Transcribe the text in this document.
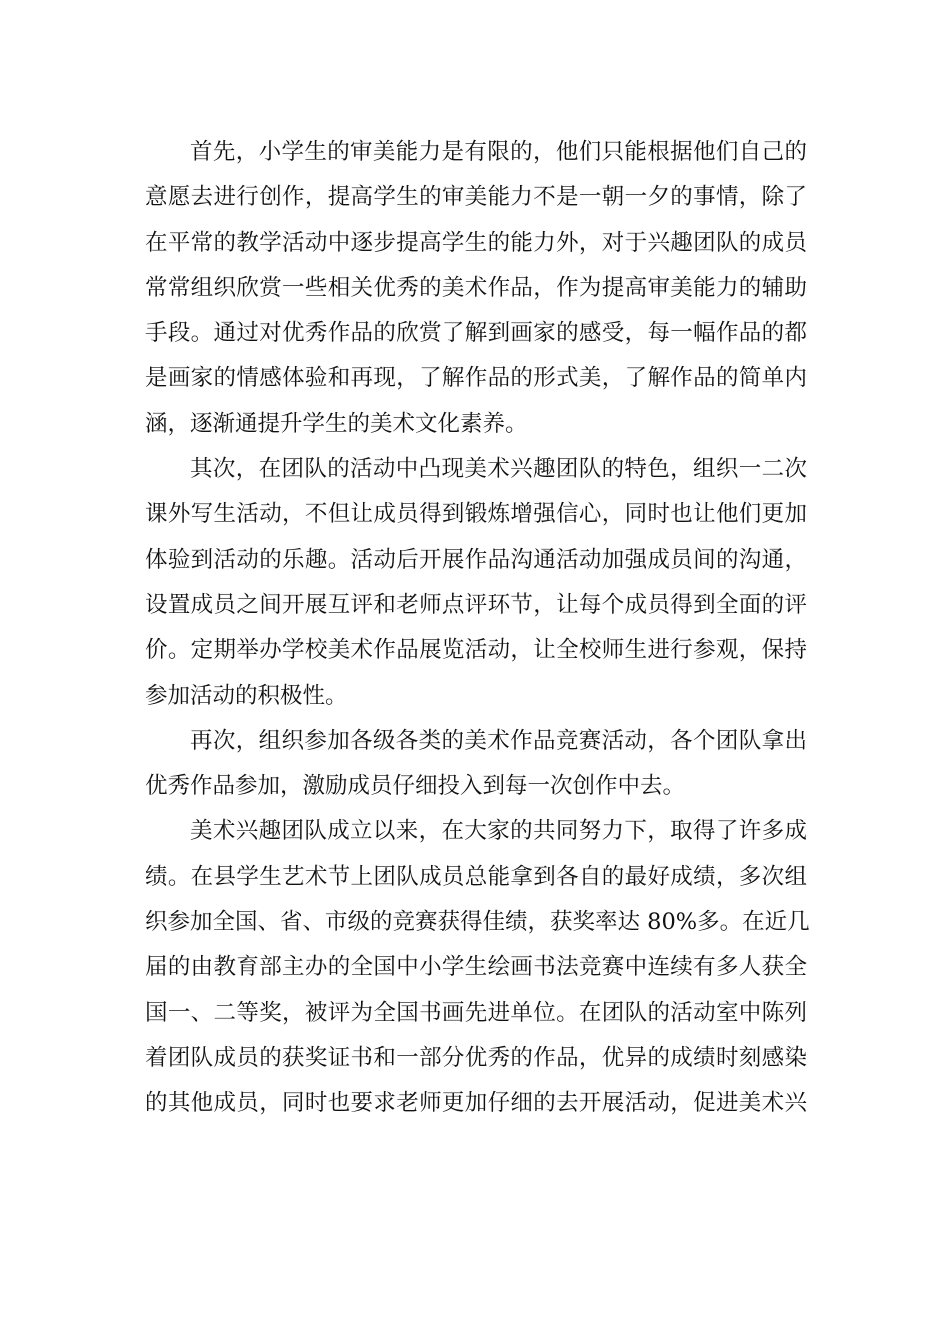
首先，小学生的审美能力是有限的，他们只能根据他们自己的
意愿去进行创作，提高学生的审美能力不是一朝一夕的事情，除了
在平常的教学活动中逐步提高学生的能力外，对于兴趣团队的成员
常常组织欣赏一些相关优秀的美术作品，作为提高审美能力的辅助
手段。通过对优秀作品的欣赏了解到画家的感受，每一幅作品的都
是画家的情感体验和再现，了解作品的形式美，了解作品的简单内
涵，逐渐通提升学生的美术文化素养。
其次，在团队的活动中凸现美术兴趣团队的特色，组织一二次
课外写生活动，不但让成员得到锻炼增强信心，同时也让他们更加
体验到活动的乐趣。活动后开展作品沟通活动加强成员间的沟通，
设置成员之间开展互评和老师点评环节，让每个成员得到全面的评
价。定期举办学校美术作品展览活动，让全校师生进行参观，保持
参加活动的积极性。
再次，组织参加各级各类的美术作品竞赛活动，各个团队拿出
优秀作品参加，激励成员仔细投入到每一次创作中去。
美术兴趣团队成立以来，在大家的共同努力下，取得了许多成
绩。在县学生艺术节上团队成员总能拿到各自的最好成绩，多次组
织参加全国、省、市级的竞赛获得佳绩，获奖率达 80%多。在近几
届的由教育部主办的全国中小学生绘画书法竞赛中连续有多人获全
国一、二等奖，被评为全国书画先进单位。在团队的活动室中陈列
着团队成员的获奖证书和一部分优秀的作品，优异的成绩时刻感染
的其他成员，同时也要求老师更加仔细的去开展活动，促进美术兴
